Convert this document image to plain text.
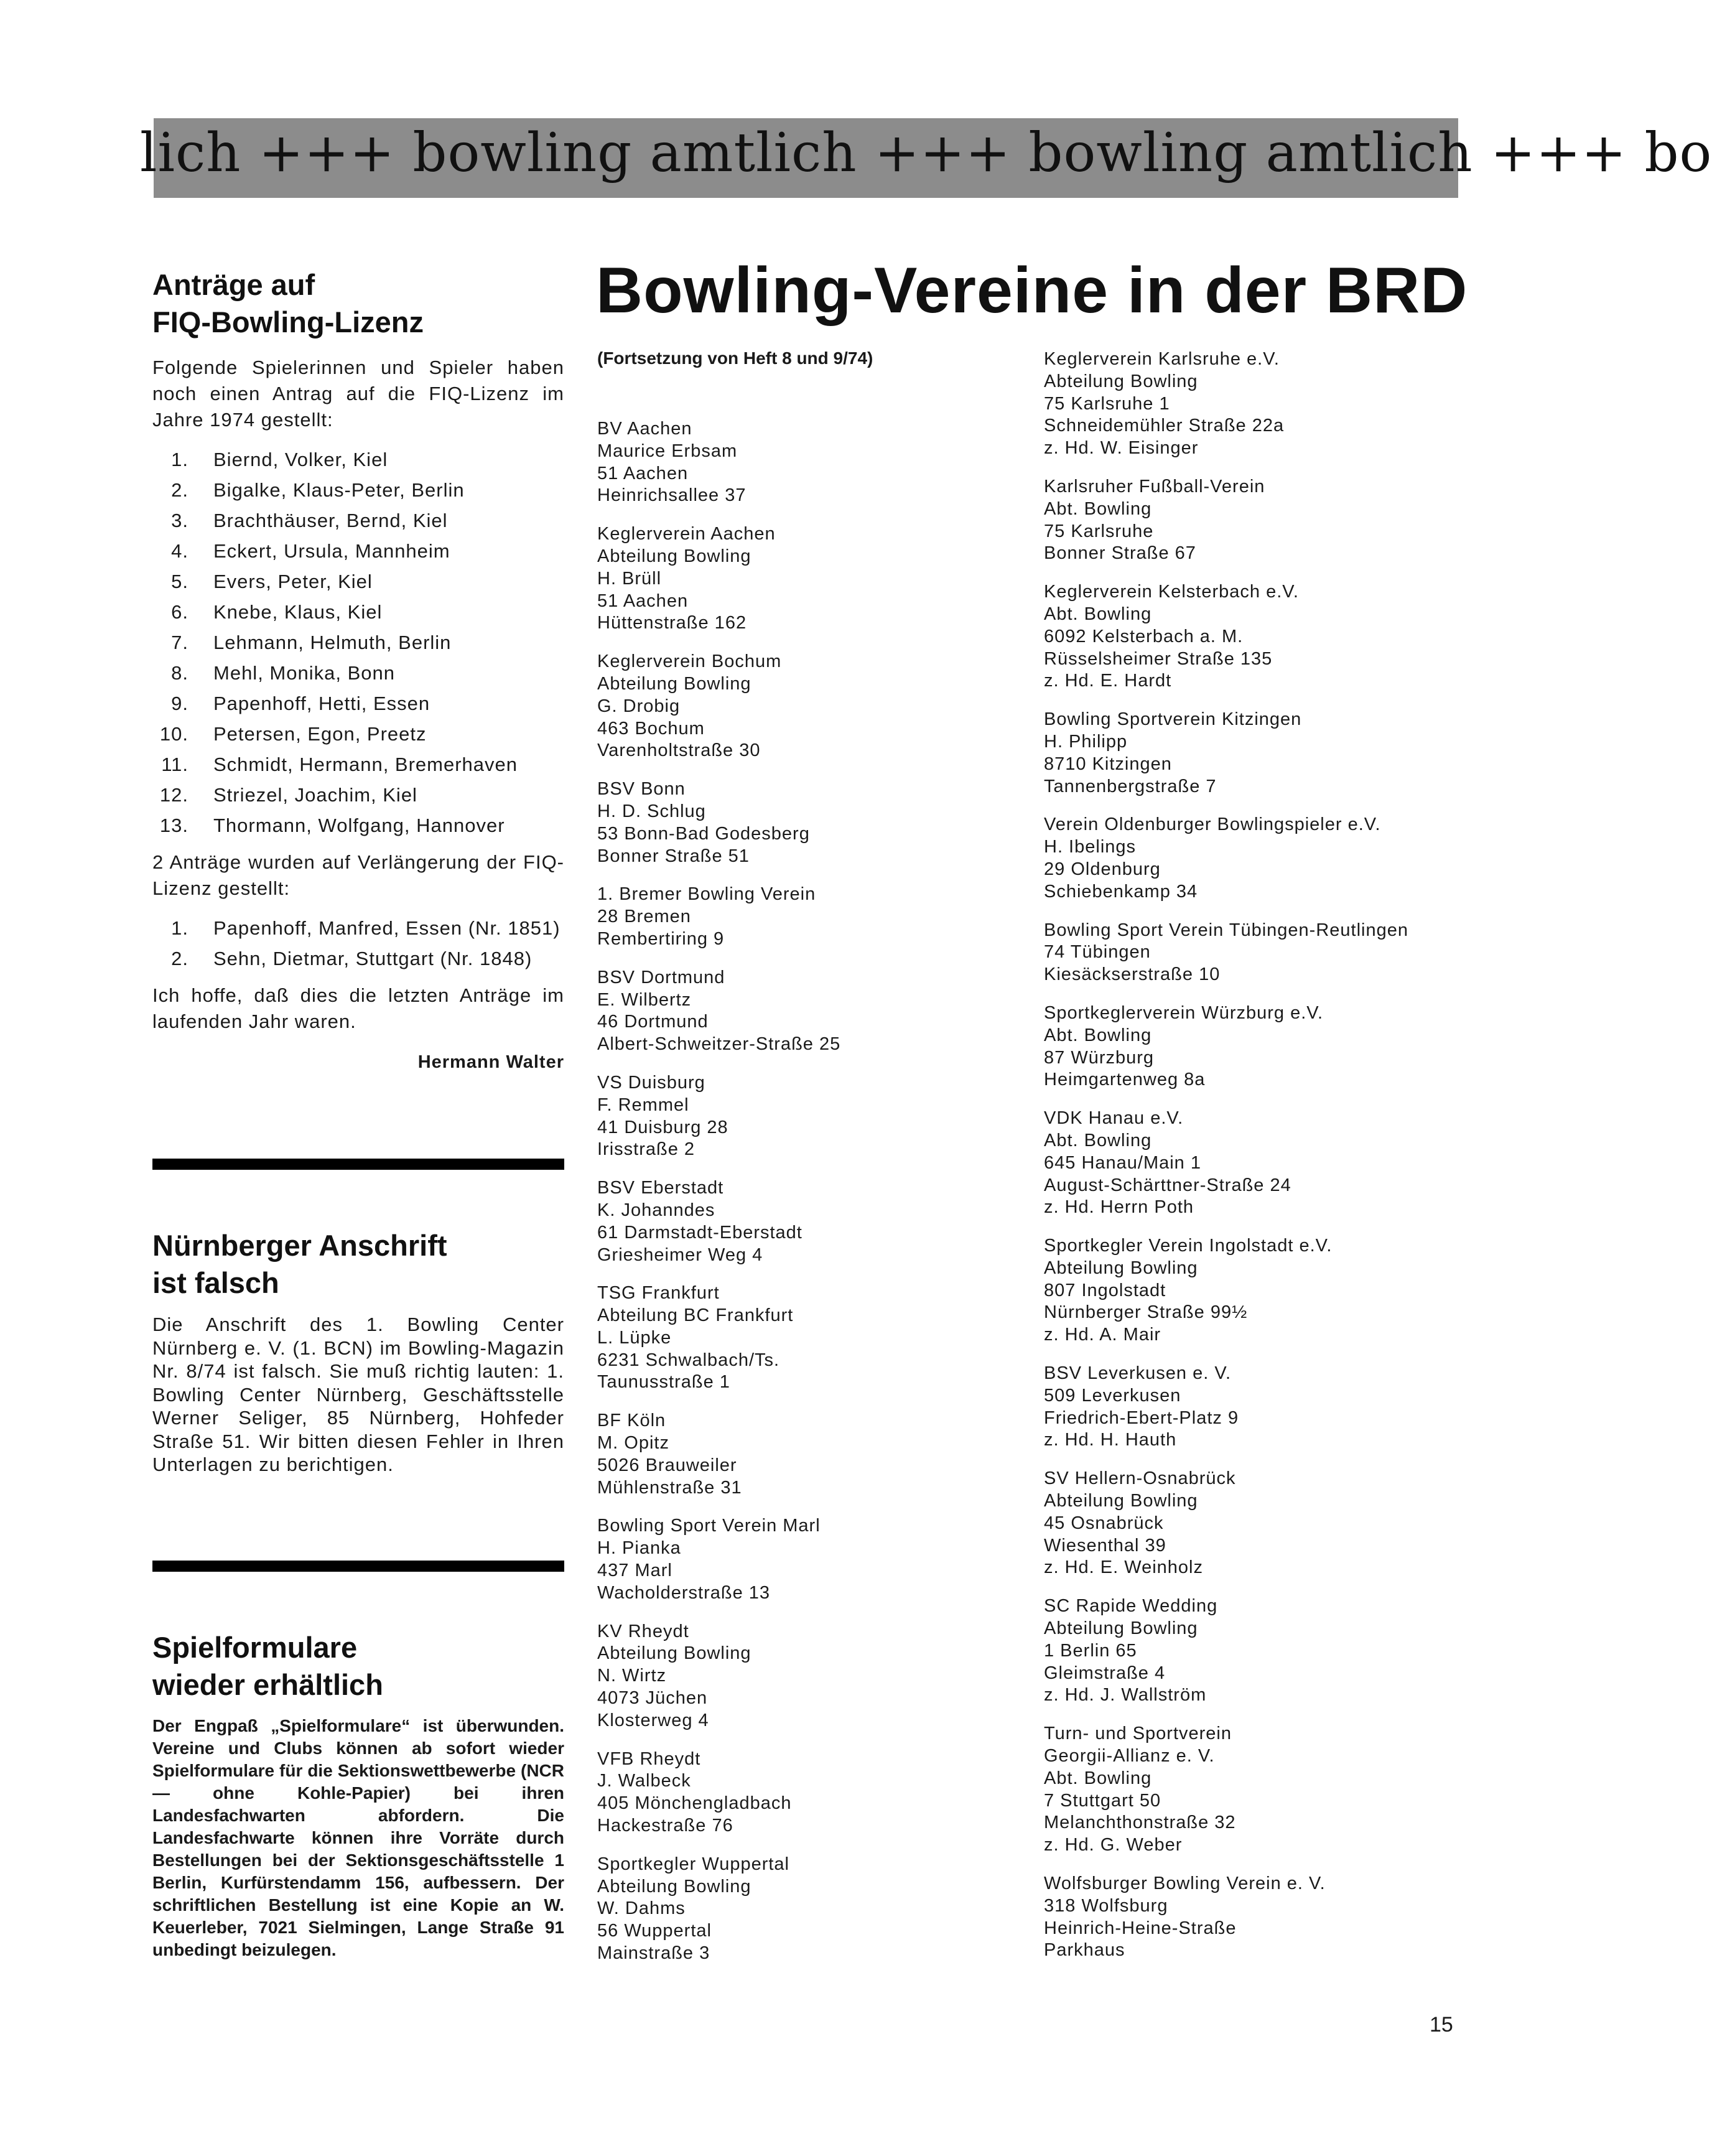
lich +++ bowling amtlich +++ bowling amtlich +++ bo
Anträge auf
FIQ-Bowling-Lizenz

Folgende Spielerinnen und Spieler haben noch einen Antrag auf die FIQ-Lizenz im Jahre 1974 gestellt:

1. Biernd, Volker, Kiel
2. Bigalke, Klaus-Peter, Berlin
3. Brachthäuser, Bernd, Kiel
4. Eckert, Ursula, Mannheim
5. Evers, Peter, Kiel
6. Knebe, Klaus, Kiel
7. Lehmann, Helmuth, Berlin
8. Mehl, Monika, Bonn
9. Papenhoff, Hetti, Essen
10. Petersen, Egon, Preetz
11. Schmidt, Hermann, Bremerhaven
12. Striezel, Joachim, Kiel
13. Thormann, Wolfgang, Hannover

2 Anträge wurden auf Verlängerung der FIQ-Lizenz gestellt:

1. Papenhoff, Manfred, Essen (Nr. 1851)
2. Sehn, Dietmar, Stuttgart (Nr. 1848)

Ich hoffe, daß dies die letzten Anträge im laufenden Jahr waren.

Hermann Walter
Nürnberger Anschrift
ist falsch

Die Anschrift des 1. Bowling Center Nürnberg e. V. (1. BCN) im Bowling-Magazin Nr. 8/74 ist falsch. Sie muß richtig lauten: 1. Bowling Center Nürnberg, Geschäftsstelle Werner Seliger, 85 Nürnberg, Hohfeder Straße 51. Wir bitten diesen Fehler in Ihren Unterlagen zu berichtigen.

Spielformulare
wieder erhältlich

Der Engpaß „Spielformulare“ ist überwunden. Vereine und Clubs können ab sofort wieder Spielformulare für die Sektionswettbewerbe (NCR — ohne Kohle-Papier) bei ihren Landesfachwarten abfordern. Die Landesfachwarte können ihre Vorräte durch Bestellungen bei der Sektionsgeschäftsstelle 1 Berlin, Kurfürstendamm 156, aufbessern. Der schriftlichen Bestellung ist eine Kopie an W. Keuerleber, 7021 Sielmingen, Lange Straße 91 unbedingt beizulegen.

Bowling-Vereine in der BRD
(Fortsetzung von Heft 8 und 9/74)
BV Aachen
Maurice Erbsam
51 Aachen
Heinrichsallee 37
Keglerverein Aachen
Abteilung Bowling
H. Brüll
51 Aachen
Hüttenstraße 162
Keglerverein Bochum
Abteilung Bowling
G. Drobig
463 Bochum
Varenholtstraße 30
BSV Bonn
H. D. Schlug
53 Bonn-Bad Godesberg
Bonner Straße 51
1. Bremer Bowling Verein
28 Bremen
Rembertiring 9
BSV Dortmund
E. Wilbertz
46 Dortmund
Albert-Schweitzer-Straße 25
VS Duisburg
F. Remmel
41 Duisburg 28
Irisstraße 2
BSV Eberstadt
K. Johanndes
61 Darmstadt-Eberstadt
Griesheimer Weg 4
TSG Frankfurt
Abteilung BC Frankfurt
L. Lüpke
6231 Schwalbach/Ts.
Taunusstraße 1
BF Köln
M. Opitz
5026 Brauweiler
Mühlenstraße 31
Bowling Sport Verein Marl
H. Pianka
437 Marl
Wacholderstraße 13
KV Rheydt
Abteilung Bowling
N. Wirtz
4073 Jüchen
Klosterweg 4
VFB Rheydt
J. Walbeck
405 Mönchengladbach
Hackestraße 76
Sportkegler Wuppertal
Abteilung Bowling
W. Dahms
56 Wuppertal
Mainstraße 3
Keglerverein Karlsruhe e.V.
Abteilung Bowling
75 Karlsruhe 1
Schneidemühler Straße 22a
z. Hd. W. Eisinger
Karlsruher Fußball-Verein
Abt. Bowling
75 Karlsruhe
Bonner Straße 67
Keglerverein Kelsterbach e.V.
Abt. Bowling
6092 Kelsterbach a. M.
Rüsselsheimer Straße 135
z. Hd. E. Hardt
Bowling Sportverein Kitzingen
H. Philipp
8710 Kitzingen
Tannenbergstraße 7
Verein Oldenburger Bowlingspieler e.V.
H. Ibelings
29 Oldenburg
Schiebenkamp 34
Bowling Sport Verein Tübingen-Reutlingen
74 Tübingen
Kiesäckserstraße 10
Sportkeglerverein Würzburg e.V.
Abt. Bowling
87 Würzburg
Heimgartenweg 8a
VDK Hanau e.V.
Abt. Bowling
645 Hanau/Main 1
August-Schärttner-Straße 24
z. Hd. Herrn Poth
Sportkegler Verein Ingolstadt e.V.
Abteilung Bowling
807 Ingolstadt
Nürnberger Straße 99½
z. Hd. A. Mair
BSV Leverkusen e. V.
509 Leverkusen
Friedrich-Ebert-Platz 9
z. Hd. H. Hauth
SV Hellern-Osnabrück
Abteilung Bowling
45 Osnabrück
Wiesenthal 39
z. Hd. E. Weinholz
SC Rapide Wedding
Abteilung Bowling
1 Berlin 65
Gleimstraße 4
z. Hd. J. Wallström
Turn- und Sportverein
Georgii-Allianz e. V.
Abt. Bowling
7 Stuttgart 50
Melanchthonstraße 32
z. Hd. G. Weber
Wolfsburger Bowling Verein e. V.
318 Wolfsburg
Heinrich-Heine-Straße
Parkhaus
15
